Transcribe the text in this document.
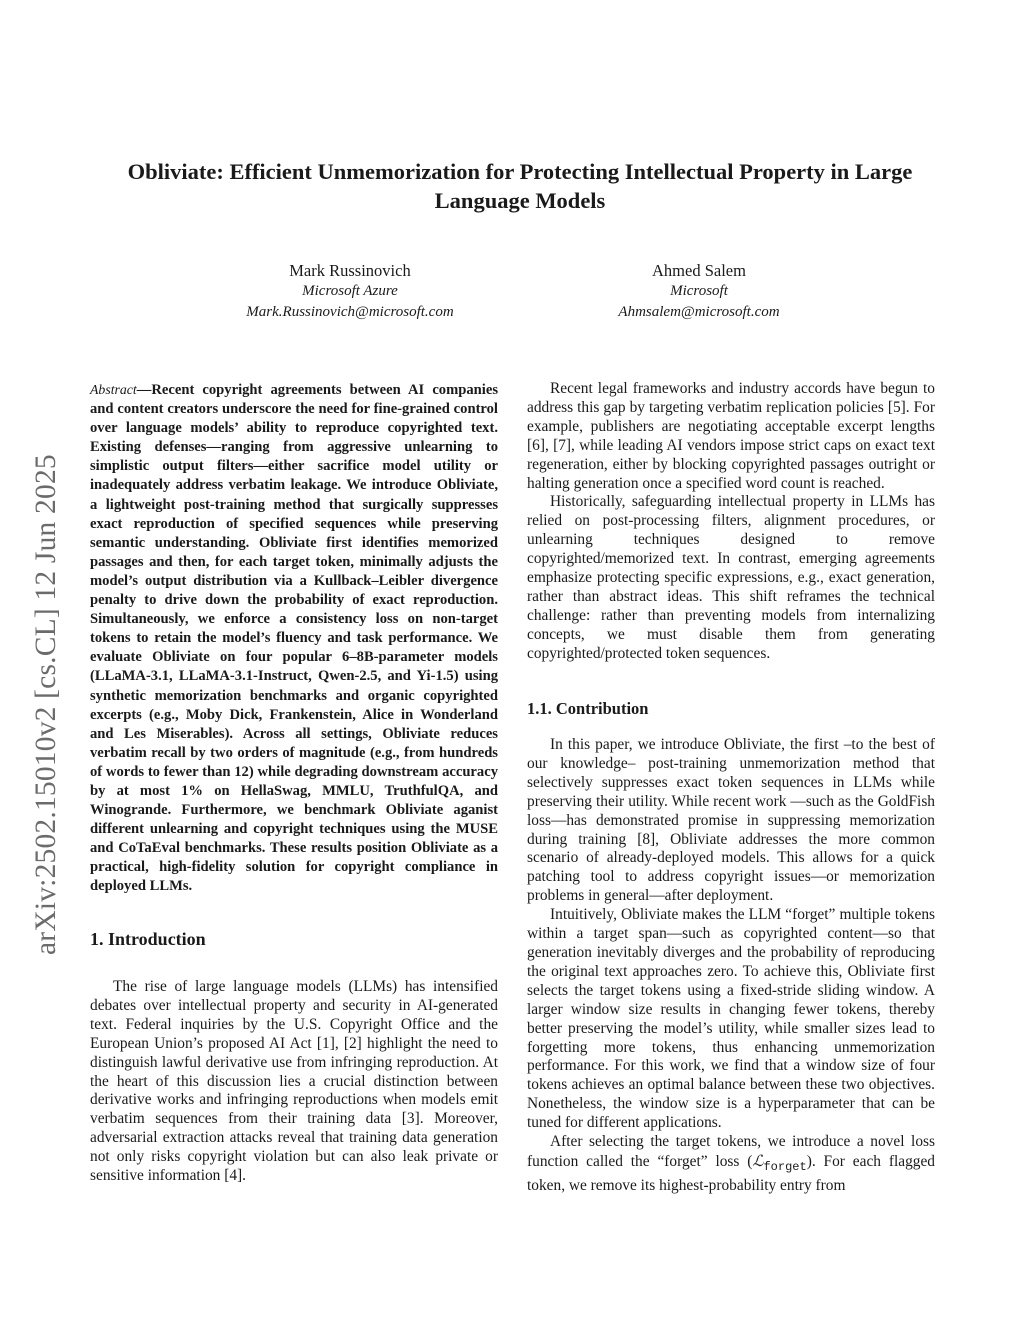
arXiv:2502.15010v2 [cs.CL] 12 Jun 2025
Obliviate: Efficient Unmemorization for Protecting Intellectual Property in Large Language Models
Mark Russinovich
Microsoft Azure
Mark.Russinovich@microsoft.com
Ahmed Salem
Microsoft
Ahmsalem@microsoft.com

Abstract—Recent copyright agreements between AI companies and content creators underscore the need for fine-grained control over language models’ ability to reproduce copyrighted text. Existing defenses—ranging from aggressive unlearning to simplistic output filters—either sacrifice model utility or inadequately address verbatim leakage. We introduce Obliviate, a lightweight post-training method that surgically suppresses exact reproduction of specified sequences while preserving semantic understanding. Obliviate first identifies memorized passages and then, for each target token, minimally adjusts the model’s output distribution via a Kullback–Leibler divergence penalty to drive down the probability of exact reproduction. Simultaneously, we enforce a consistency loss on non-target tokens to retain the model’s fluency and task performance. We evaluate Obliviate on four popular 6–8B-parameter models (LLaMA-3.1, LLaMA-3.1-Instruct, Qwen-2.5, and Yi-1.5) using synthetic memorization benchmarks and organic copyrighted excerpts (e.g., Moby Dick, Frankenstein, Alice in Wonderland and Les Miserables). Across all settings, Obliviate reduces verbatim recall by two orders of magnitude (e.g., from hundreds of words to fewer than 12) while degrading downstream accuracy by at most 1% on HellaSwag, MMLU, TruthfulQA, and Winogrande. Furthermore, we benchmark Obliviate aganist different unlearning and copyright techniques using the MUSE and CoTaEval benchmarks. These results position Obliviate as a practical, high-fidelity solution for copyright compliance in deployed LLMs.

1. Introduction

The rise of large language models (LLMs) has intensified debates over intellectual property and security in AI-generated text. Federal inquiries by the U.S. Copyright Office and the European Union’s proposed AI Act [1], [2] highlight the need to distinguish lawful derivative use from infringing reproduction. At the heart of this discussion lies a crucial distinction between derivative works and infringing reproductions when models emit verbatim sequences from their training data [3]. Moreover, adversarial extraction attacks reveal that training data generation not only risks copyright violation but can also leak private or sensitive information [4].

Recent legal frameworks and industry accords have begun to address this gap by targeting verbatim replication policies [5]. For example, publishers are negotiating acceptable excerpt lengths [6], [7], while leading AI vendors impose strict caps on exact text regeneration, either by blocking copyrighted passages outright or halting generation once a specified word count is reached.

Historically, safeguarding intellectual property in LLMs has relied on post-processing filters, alignment procedures, or unlearning techniques designed to remove copyrighted/memorized text. In contrast, emerging agreements emphasize protecting specific expressions, e.g., exact generation, rather than abstract ideas. This shift reframes the technical challenge: rather than preventing models from internalizing concepts, we must disable them from generating copyrighted/protected token sequences.

1.1. Contribution

In this paper, we introduce Obliviate, the first –to the best of our knowledge– post-training unmemorization method that selectively suppresses exact token sequences in LLMs while preserving their utility. While recent work —such as the GoldFish loss—has demonstrated promise in suppressing memorization during training [8], Obliviate addresses the more common scenario of already-deployed models. This allows for a quick patching tool to address copyright issues—or memorization problems in general—after deployment.

Intuitively, Obliviate makes the LLM “forget” multiple tokens within a target span—such as copyrighted content—so that generation inevitably diverges and the probability of reproducing the original text approaches zero. To achieve this, Obliviate first selects the target tokens using a fixed-stride sliding window. A larger window size results in changing fewer tokens, thereby better preserving the model’s utility, while smaller sizes lead to forgetting more tokens, thus enhancing unmemorization performance. For this work, we find that a window size of four tokens achieves an optimal balance between these two objectives. Nonetheless, the window size is a hyperparameter that can be tuned for different applications.

After selecting the target tokens, we introduce a novel loss function called the “forget” loss (ℒ$_{forget}$). For each flagged token, we remove its highest-probability entry from
